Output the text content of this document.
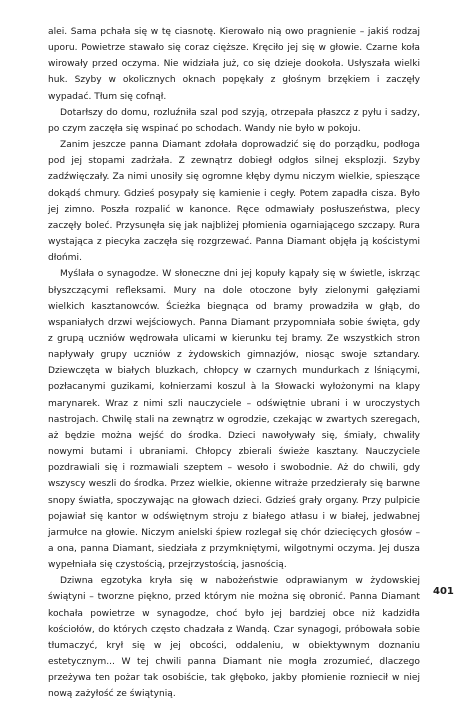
alei. Sama pchała się w tę ciasnotę. Kierowało nią owo pragnienie – jakiś rodzaj uporu. Powietrze stawało się coraz cięższe. Kręciło jej się w głowie. Czarne koła wirowały przed oczyma. Nie widziała już, co się dzieje dookoła. Usłyszała wielki huk. Szyby w okolicznych oknach popękały z głośnym brzękiem i zaczęły wypadać. Tłum się cofnął.

Dotarłszy do domu, rozluźniła szal pod szyją, otrzepała płaszcz z pyłu i sadzy, po czym zaczęła się wspinać po schodach. Wandy nie było w pokoju.

Zanim jeszcze panna Diamant zdołała doprowadzić się do porządku, podłoga pod jej stopami zadrżała. Z zewnątrz dobiegł odgłos silnej eksplozji. Szyby zadźwięczały. Za nimi unosiły się ogromne kłęby dymu niczym wielkie, spieszące dokądś chmury. Gdzieś posypały się kamienie i cegły. Potem zapadła cisza. Było jej zimno. Poszła rozpalić w kanonce. Ręce odmawiały posłuszeństwa, plecy zaczęły boleć. Przysunęła się jak najbliżej płomienia ogarniającego szczapy. Rura wystająca z piecyka zaczęła się rozgrzewać. Panna Diamant objęła ją kościstymi dłońmi.

Myślała o synagodze. W słoneczne dni jej kopuły kąpały się w świetle, iskrząc błyszczącymi refleksami. Mury na dole otoczone były zielonymi gałęziami wielkich kasztanowców. Ścieżka biegnąca od bramy prowadziła w głąb, do wspaniałych drzwi wejściowych. Panna Diamant przypomniała sobie święta, gdy z grupą uczniów wędrowała ulicami w kierunku tej bramy. Ze wszystkich stron napływały grupy uczniów z żydowskich gimnazjów, niosąc swoje sztandary. Dziewczęta w białych bluzkach, chłopcy w czarnych mundurkach z lśniącymi, pozłacanymi guzikami, kołnierzami koszul à la Słowacki wyłożonymi na klapy marynarek. Wraz z nimi szli nauczyciele – odświętnie ubrani i w uroczystych nastrojach. Chwilę stali na zewnątrz w ogrodzie, czekając w zwartych szeregach, aż będzie można wejść do środka. Dzieci nawoływały się, śmiały, chwaliły nowymi butami i ubraniami. Chłopcy zbierali świeże kasztany. Nauczyciele pozdrawiali się i rozmawiali szeptem – wesoło i swobodnie. Aż do chwili, gdy wszyscy weszli do środka. Przez wielkie, okienne witraże przedzierały się barwne snopy światła, spoczywając na głowach dzieci. Gdzieś grały organy. Przy pulpicie pojawiał się kantor w odświętnym stroju z białego atłasu i w białej, jedwabnej jarmułce na głowie. Niczym anielski śpiew rozlegał się chór dziecięcych głosów – a ona, panna Diamant, siedziała z przymkniętymi, wilgotnymi oczyma. Jej dusza wypełniała się czystością, przejrzystością, jasnością.

Dziwna egzotyka kryła się w nabożeństwie odprawianym w żydowskiej świątyni – tworzne piękno, przed którym nie można się obronić. Panna Diamant kochała powietrze w synagodze, choć było jej bardziej obce niż kadzidła kościołów, do których często chadzała z Wandą. Czar synagogi, próbowała sobie tłumaczyć, krył się w jej obcości, oddaleniu, w obiektywnym doznaniu estetycznym... W tej chwili panna Diamant nie mogła zrozumieć, dlaczego przeżywa ten pożar tak osobiście, tak głęboko, jakby płomienie rozniecił w niej nową zażyłość ze świątynią.

401
